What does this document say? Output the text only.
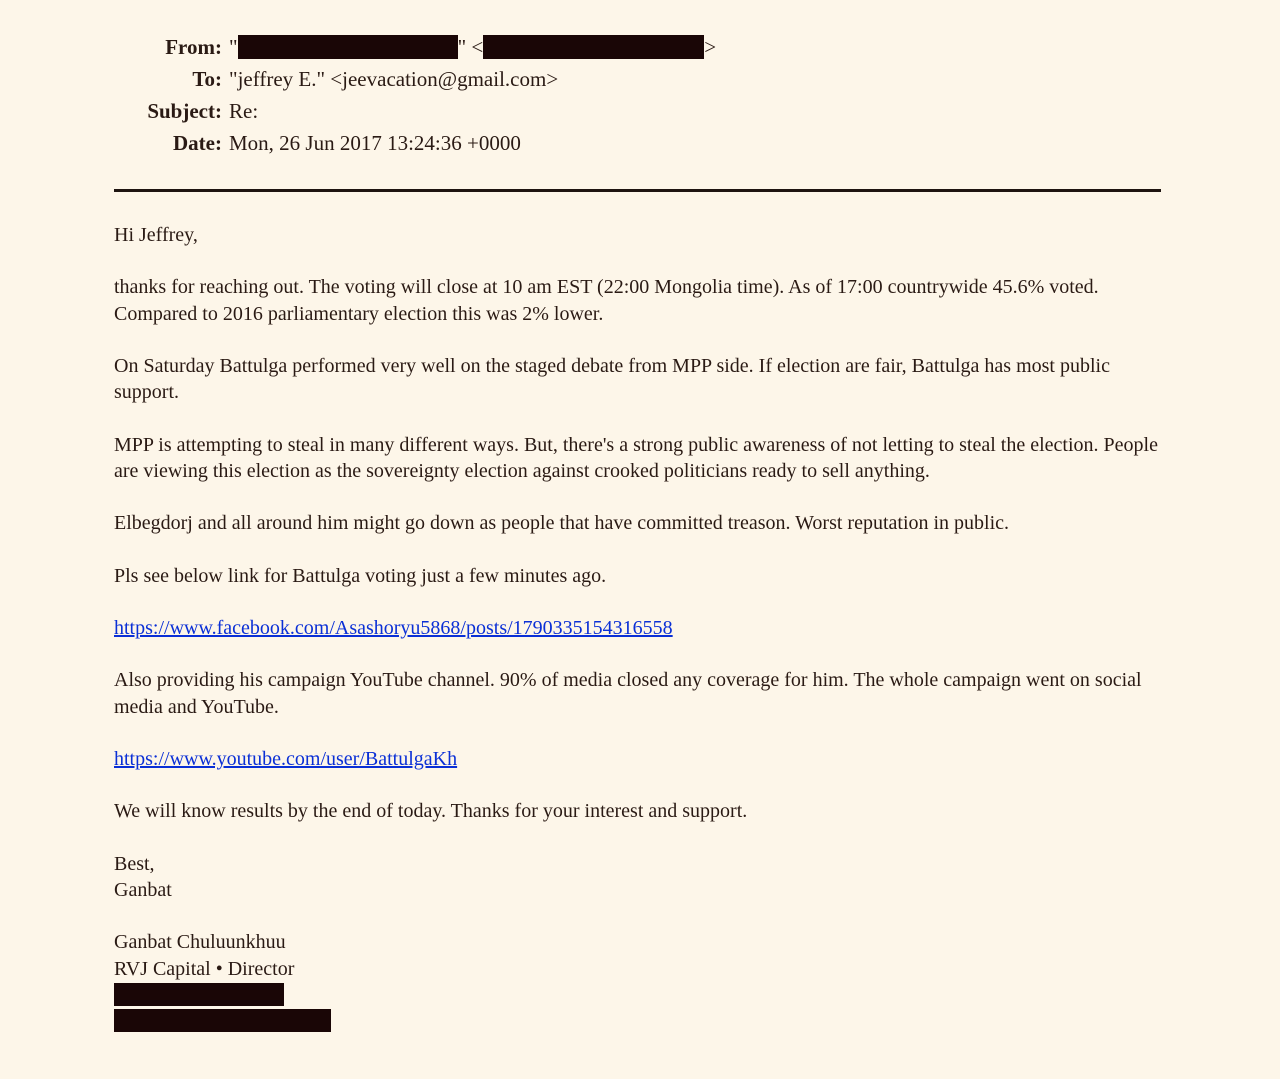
From: "	" <	>
To: "jeffrey E." <jeevacation@gmail.com>
Subject: Re:
Date: Mon, 26 Jun 2017 13:24:36 +0000

Hi Jeffrey,

thanks for reaching out. The voting will close at 10 am EST (22:00 Mongolia time). As of 17:00 countrywide 45.6% voted. Compared to 2016 parliamentary election this was 2% lower.

On Saturday Battulga performed very well on the staged debate from MPP side. If election are fair, Battulga has most public support.

MPP is attempting to steal in many different ways. But, there's a strong public awareness of not letting to steal the election. People are viewing this election as the sovereignty election against crooked politicians ready to sell anything.

Elbegdorj and all around him might go down as people that have committed treason. Worst reputation in public.

Pls see below link for Battulga voting just a few minutes ago.

https://www.facebook.com/Asashoryu5868/posts/1790335154316558

Also providing his campaign YouTube channel. 90% of media closed any coverage for him. The whole campaign went on social media and YouTube.

https://www.youtube.com/user/BattulgaKh

We will know results by the end of today. Thanks for your interest and support.

Best,
Ganbat

Ganbat Chuluunkhuu
RVJ Capital • Director
